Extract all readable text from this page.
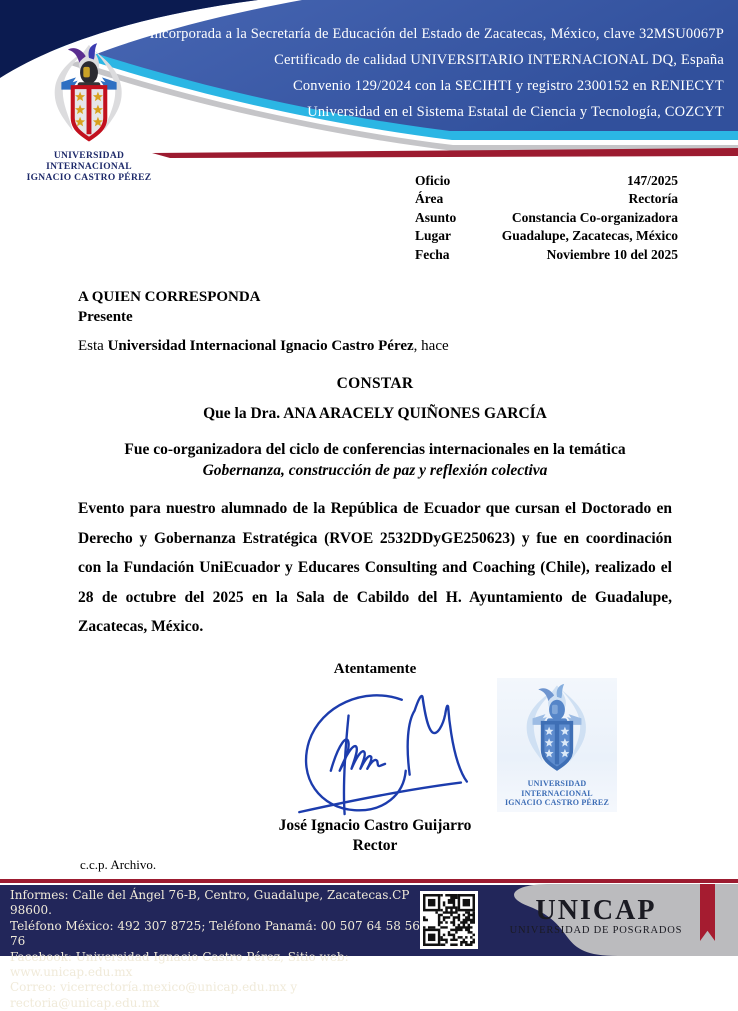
Incorporada a la Secretaría de Educación del Estado de Zacatecas, México, clave 32MSU0067P
Certificado de calidad UNIVERSITARIO INTERNACIONAL DQ, España
Convenio 129/2024 con la SECIHTI y registro 2300152 en RENIECYT
Universidad en el Sistema Estatal de Ciencia y Tecnología, COZCYT
UNIVERSIDAD
INTERNACIONAL
IGNACIO CASTRO PÉREZ	Oficio	147/2025
Área	Rectoría
Asunto	Constancia Co-organizadora
Lugar	Guadalupe, Zacatecas, México
Fecha	Noviembre 10 del 2025
A QUIEN CORRESPONDA
Presente
Esta Universidad Internacional Ignacio Castro Pérez, hace
CONSTAR
Que la Dra. ANA ARACELY QUIÑONES GARCÍA
Fue co-organizadora del ciclo de conferencias internacionales en la temática
Gobernanza, construcción de paz y reflexión colectiva
Evento para nuestro alumnado de la República de Ecuador que cursan el Doctorado en Derecho y Gobernanza Estratégica (RVOE 2532DDyGE250623) y fue en coordinación con la Fundación UniEcuador y Educares Consulting and Coaching (Chile), realizado el 28 de octubre del 2025 en la Sala de Cabildo del H. Ayuntamiento de Guadalupe, Zacatecas, México.
Atentamente
UNIVERSIDAD
INTERNACIONAL
IGNACIO CASTRO PÉREZ
José Ignacio Castro Guijarro
Rector
c.c.p. Archivo.
Informes: Calle del Ángel 76-B, Centro, Guadalupe, Zacatecas.CP 98600.
Teléfono México: 492 307 8725; Teléfono Panamá: 00 507 64 58 56 76
Facebook: Universidad Ignacio Castro Pérez, Sitio web: www.unicap.edu.mx
Correo: vicerrectoría.mexico@unicap.edu.mx y rectoria@unicap.edu.mx
UNICAP
UNIVERSIDAD DE POSGRADOS
